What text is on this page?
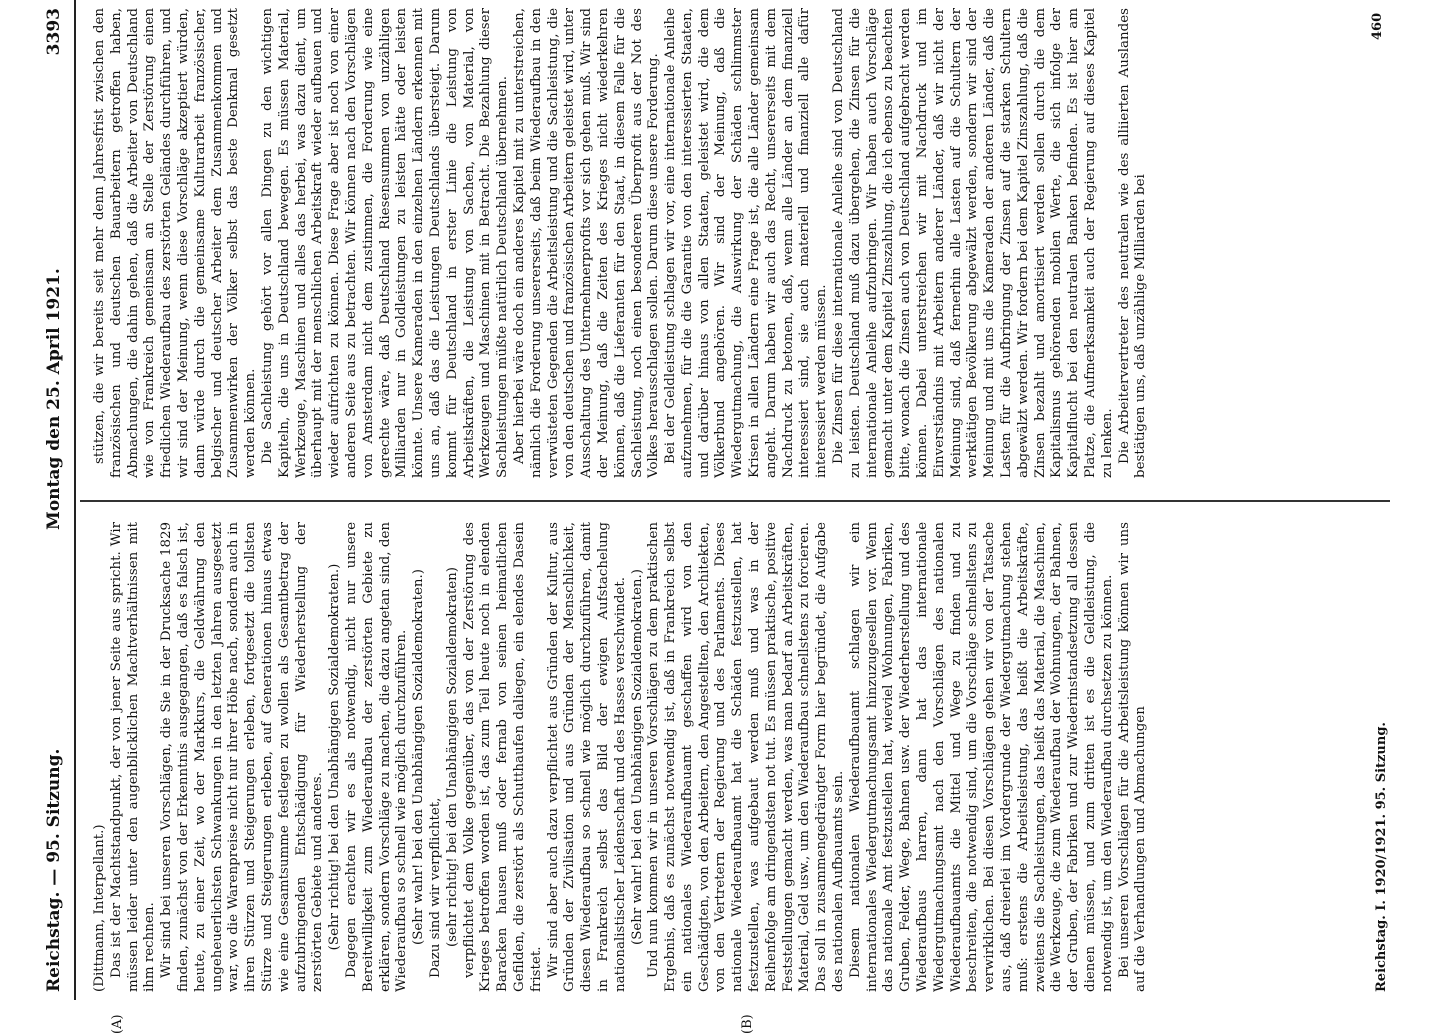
Reichstag. — 95. Sitzung.
Montag den 25. April 1921.
3393
(A)	(B)

(Dittmann, Interpellant.) Das ist der Machtstandpunkt, der von jener Seite aus spricht. Wir müssen leider unter den augenblicklichen Machtverhältnissen mit ihm rechnen. Wir sind bei unseren Vorschlägen, die Sie in der Drucksache 1829 finden, zunächst von der Erkenntnis ausgegangen, daß es falsch ist, heute, zu einer Zeit, wo der Markkurs, die Geldwährung den ungeheuerlichsten Schwankungen in den letzten Jahren ausgesetzt war, wo die Warenpreise nicht nur ihrer Höhe nach, sondern auch in ihren Stürzen und Steigerungen erleben, fortgesetzt die tollsten Stürze und Steigerungen erleben, auf Generationen hinaus etwas wie eine Gesamtsumme festlegen zu wollen als Gesamtbetrag der aufzubringenden Entschädigung für Wiederherstellung der zerstörten Gebiete und anderes. (Sehr richtig! bei den Unabhängigen Sozialdemokraten.) Dagegen erachten wir es als notwendig, nicht nur unsere Bereitwilligkeit zum Wiederaufbau der zerstörten Gebiete zu erklären, sondern Vorschläge zu machen, die dazu angetan sind, den Wiederaufbau so schnell wie möglich durchzuführen. (Sehr wahr! bei den Unabhängigen Sozialdemokraten.) Dazu sind wir verpflichtet, (sehr richtig! bei den Unabhängigen Sozialdemokraten) verpflichtet dem Volke gegenüber, das von der Zerstörung des Krieges betroffen worden ist, das zum Teil heute noch in elenden Baracken hausen muß oder fernab von seinen heimatlichen Gefilden, die zerstört als Schutthaufen daliegen, ein elendes Dasein fristet. Wir sind aber auch dazu verpflichtet aus Gründen der Kultur, aus Gründen der Zivilisation und aus Gründen der Menschlichkeit, diesen Wiederaufbau so schnell wie möglich durchzuführen, damit in Frankreich selbst das Bild der ewigen Aufstachelung nationalistischer Leidenschaft und des Hasses verschwindet. (Sehr wahr! bei den Unabhängigen Sozialdemokraten.) Und nun kommen wir in unseren Vorschlägen zu dem praktischen Ergebnis, daß es zunächst notwendig ist, daß in Frankreich selbst ein nationales Wiederaufbauamt geschaffen wird von den Geschädigten, von den Arbeitern, den Angestellten, den Architekten, von den Vertretern der Regierung und des Parlaments. Dieses nationale Wiederaufbauamt hat die Schäden festzustellen, hat festzustellen, was aufgebaut werden muß und was in der Reihenfolge am dringendsten not tut. Es müssen praktische, positive Feststellungen gemacht werden, was man bedarf an Arbeitskräften, Material, Geld usw., um den Wiederaufbau schnellstens zu forcieren. Das soll in zusammengedrängter Form hier begründet, die Aufgabe des nationalen Aufbauamts sein. Diesem nationalen Wiederaufbauamt schlagen wir ein internationales Wiedergutmachungsamt hinzuzugesellen vor. Wenn das nationale Amt festzustellen hat, wieviel Wohnungen, Fabriken, Gruben, Felder, Wege, Bahnen usw. der Wiederherstellung und des Wiederaufbaus harren, dann hat das internationale Wiedergutmachungsamt nach den Vorschlägen des nationalen Wiederaufbauamts die Mittel und Wege zu finden und zu beschreiten, die notwendig sind, um die Vorschläge schnellstens zu verwirklichen. Bei diesen Vorschlägen gehen wir von der Tatsache aus, daß dreierlei im Vordergrunde der Wiedergutmachung stehen muß: erstens die Arbeitsleistung, das heißt die Arbeitskräfte, zweitens die Sachleistungen, das heißt das Material, die Maschinen, die Werkzeuge, die zum Wiederaufbau der Wohnungen, der Bahnen, der Gruben, der Fabriken und zur Wiederinstandsetzung all dessen dienen müssen, und zum dritten ist es die Geldleistung, die notwendig ist, um den Wiederaufbau durchsetzen zu können. Bei unseren Vorschlägen für die Arbeitsleistung können wir uns auf die Verhandlungen und Abmachungen

stützen, die wir bereits seit mehr denn Jahresfrist zwischen den französischen und deutschen Bauarbeitern getroffen haben, Abmachungen, die dahin gehen, daß die Arbeiter von Deutschland wie von Frankreich gemeinsam an Stelle der Zerstörung einen friedlichen Wiederaufbau des zerstörten Geländes durchführen, und wir sind der Meinung, wenn diese Vorschläge akzeptiert würden, dann würde durch die gemeinsame Kulturarbeit französischer, belgischer und deutscher Arbeiter dem Zusammenkommen und Zusammenwirken der Völker selbst das beste Denkmal gesetzt werden können. Die Sachleistung gehört vor allen Dingen zu den wichtigen Kapiteln, die uns in Deutschland bewegen. Es müssen Material, Werkzeuge, Maschinen und alles das herbei, was dazu dient, um überhaupt mit der menschlichen Arbeitskraft wieder aufbauen und wieder aufrichten zu können. Diese Frage aber ist noch von einer anderen Seite aus zu betrachten. Wir können nach den Vorschlägen von Amsterdam nicht dem zustimmen, die Forderung wie eine gerechte wäre, daß Deutschland Riesensummen von unzähligen Milliarden nur in Goldleistungen zu leisten hätte oder leisten könnte. Unsere Kameraden in den einzelnen Ländern erkennen mit uns an, daß das die Leistungen Deutschlands übersteigt. Darum kommt für Deutschland in erster Linie die Leistung von Arbeitskräften, die Leistung von Sachen, von Material, von Werkzeugen und Maschinen mit in Betracht. Die Bezahlung dieser Sachleistungen müßte natürlich Deutschland übernehmen. Aber hierbei wäre doch ein anderes Kapitel mit zu unterstreichen, nämlich die Forderung unsererseits, daß beim Wiederaufbau in den verwüsteten Gegenden die Arbeitsleistung und die Sachleistung, die von den deutschen und französischen Arbeitern geleistet wird, unter Ausschaltung des Unternehmerprofits vor sich gehen muß. Wir sind der Meinung, daß die Zeiten des Krieges nicht wiederkehren können, daß die Lieferanten für den Staat, in diesem Falle für die Sachleistung, noch einen besonderen Überprofit aus der Not des Volkes herausschlagen sollen. Darum diese unsere Forderung. Bei der Geldleistung schlagen wir vor, eine internationale Anleihe aufzunehmen, für die die Garantie von den interessierten Staaten, und darüber hinaus von allen Staaten, geleistet wird, die dem Völkerbund angehören. Wir sind der Meinung, daß die Wiedergutmachung, die Auswirkung der Schäden schlimmster Krisen in allen Ländern eine Frage ist, die alle Länder gemeinsam angeht. Darum haben wir auch das Recht, unsererseits mit dem Nachdruck zu betonen, daß, wenn alle Länder an dem finanziell interessiert sind, sie auch materiell und finanziell alle dafür interessiert werden müssen. Die Zinsen für diese internationale Anleihe sind von Deutschland zu leisten. Deutschland muß dazu übergehen, die Zinsen für die internationale Anleihe aufzubringen. Wir haben auch Vorschläge gemacht unter dem Kapitel Zinszahlung, die ich ebenso zu beachten bitte, wonach die Zinsen auch von Deutschland aufgebracht werden können. Dabei unterstreichen wir mit Nachdruck und im Einverständnis mit Arbeitern anderer Länder, daß wir nicht der Meinung sind, daß fernerhin alle Lasten auf die Schultern der werktätigen Bevölkerung abgewälzt werden, sondern wir sind der Meinung und mit uns die Kameraden der anderen Länder, daß die Lasten für die Aufbringung der Zinsen auf die starken Schultern abgewälzt werden. Wir fordern bei dem Kapitel Zinszahlung, daß die Zinsen bezahlt und amortisiert werden sollen durch die dem Kapitalismus gehörenden mobilen Werte, die sich infolge der Kapitalflucht bei den neutralen Banken befinden. Es ist hier am Platze, die Aufmerksamkeit auch der Regierung auf dieses Kapitel zu lenken. Die Arbeitervertreter des neutralen wie des alliierten Auslandes bestätigen uns, daß unzählige Milliarden bei

Reichstag. I. 1920/1921. 95. Sitzung.
460
